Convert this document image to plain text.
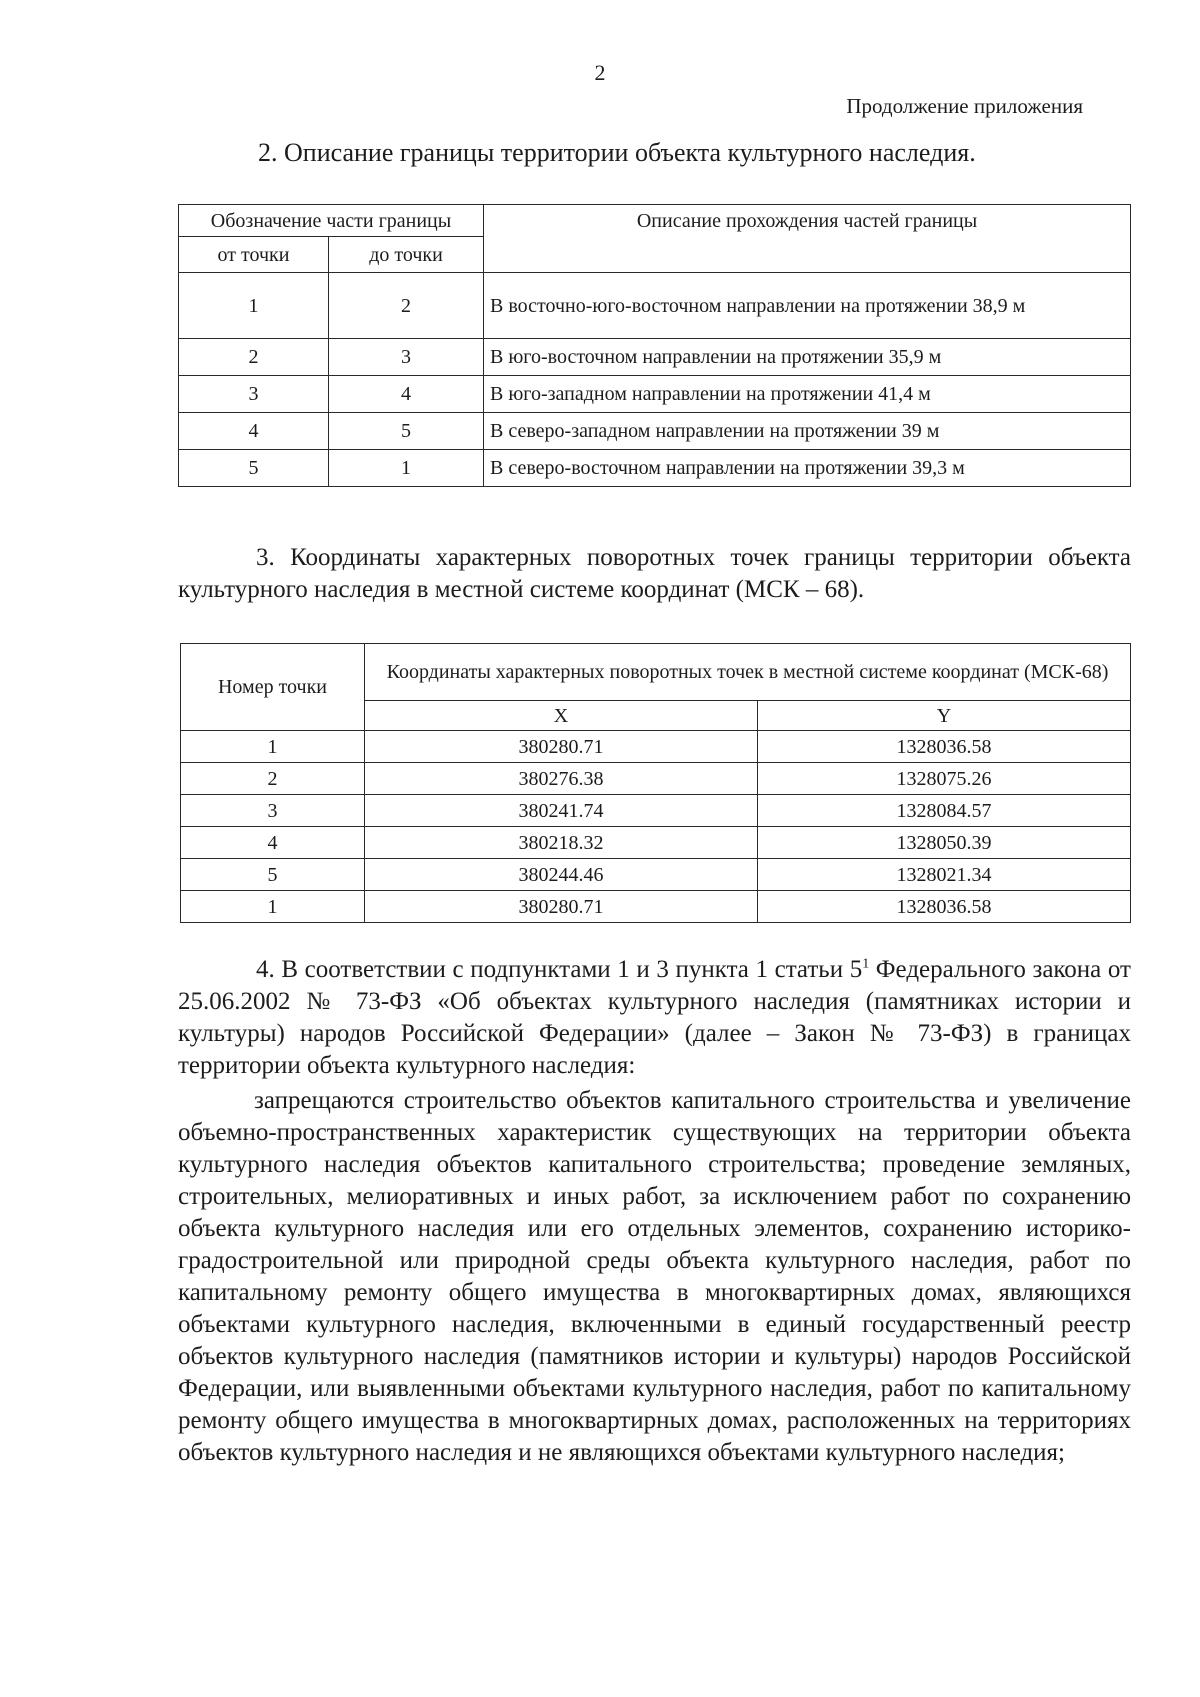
2
Продолжение приложения
2. Описание границы территории объекта культурного наследия.
Обозначение части границы		Описание прохождения частей границы
от точки	до точки	
1	2	В восточно-юго-восточном направлении на протяжении 38,9 м
2	3	В юго-восточном направлении на протяжении 35,9 м
3	4	В юго-западном направлении на протяжении 41,4 м
4	5	В северо-западном направлении на протяжении 39 м
5	1	В северо-восточном направлении на протяжении 39,3 м
3. Координаты характерных поворотных точек границы территории объекта культурного наследия в местной системе координат (МСК – 68).
Номер точки	Координаты характерных поворотных точек в местной системе координат (МСК-68)	
	X	Y
1	380280.71	1328036.58
2	380276.38	1328075.26
3	380241.74	1328084.57
4	380218.32	1328050.39
5	380244.46	1328021.34
1	380280.71	1328036.58
4. В соответствии с подпунктами 1 и 3 пункта 1 статьи $5^1$ Федерального закона от 25.06.2002 № 73-ФЗ «Об объектах культурного наследия (памятниках истории и культуры) народов Российской Федерации» (далее – Закон № 73-ФЗ) в границах территории объекта культурного наследия:
запрещаются строительство объектов капитального строительства и увеличение объемно-пространственных характеристик существующих на территории объекта культурного наследия объектов капитального строительства; проведение земляных, строительных, мелиоративных и иных работ, за исключением работ по сохранению объекта культурного наследия или его отдельных элементов, сохранению историко-градостроительной или природной среды объекта культурного наследия, работ по капитальному ремонту общего имущества в многоквартирных домах, являющихся объектами культурного наследия, включенными в единый государственный реестр объектов культурного наследия (памятников истории и культуры) народов Российской Федерации, или выявленными объектами культурного наследия, работ по капитальному ремонту общего имущества в многоквартирных домах, расположенных на территориях объектов культурного наследия и не являющихся объектами культурного наследия;
